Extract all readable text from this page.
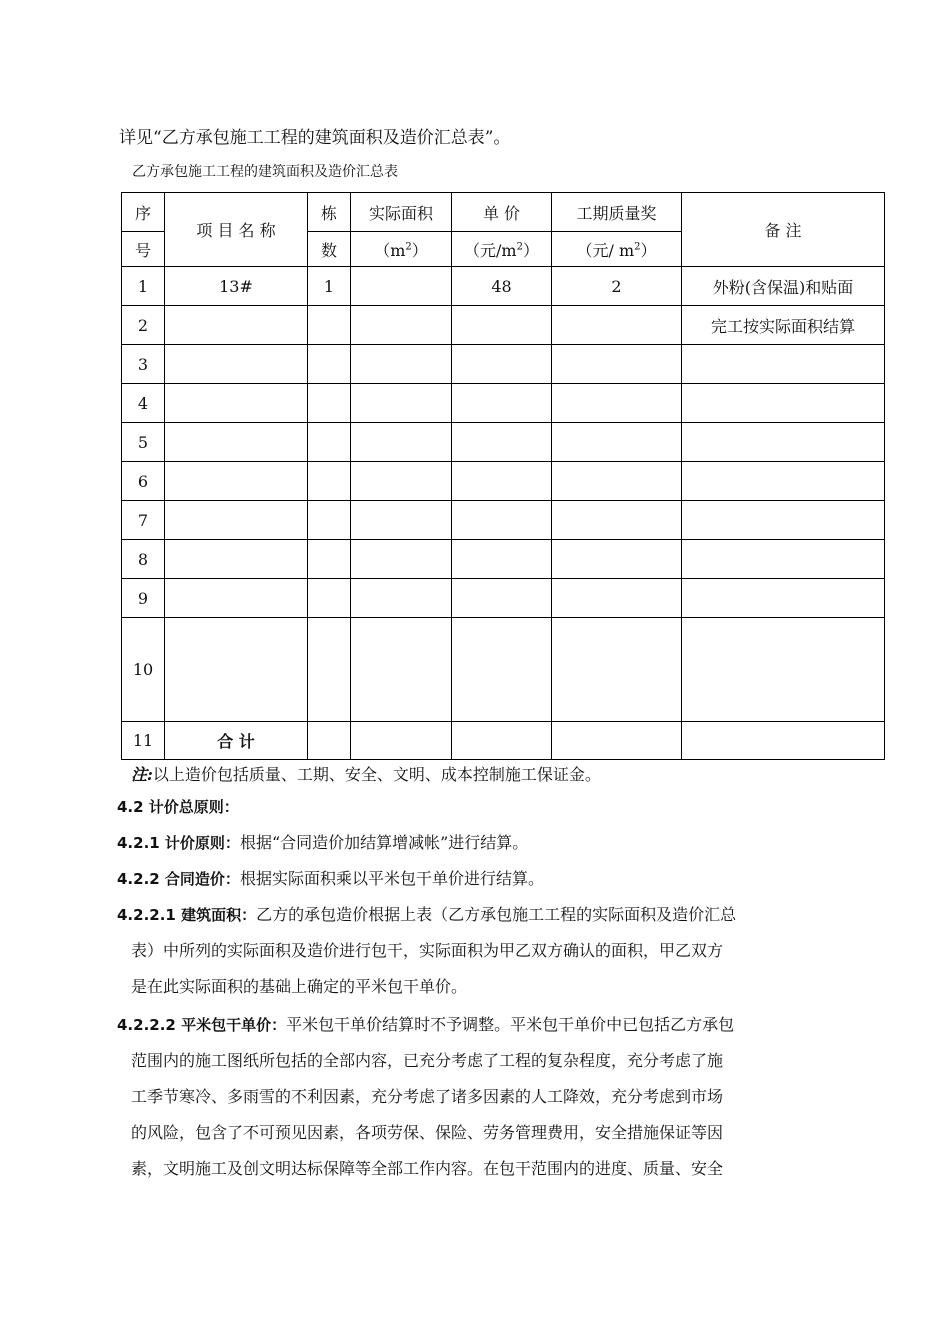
详见“乙方承包施工工程的建筑面积及造价汇总表”。
乙方承包施工工程的建筑面积及造价汇总表
序	项 目 名 称	栋	实际面积	单 价	工期质量奖	备 注
号		数	$(m^2)$	（元$/m^2$）	（元/ $m^2$）	
1	13#	1		48	2	外粉(含保温)和贴面
2						完工按实际面积结算
3						
4						
5						
6						
7						
8						
9						
10						
11	合 计					
注:以上造价包括质量、工期、安全、文明、成本控制施工保证金。
4.2 计价总原则：
4.2.1 计价原则：根据“合同造价加结算增减帐”进行结算。
4.2.2 合同造价：根据实际面积乘以平米包干单价进行结算。
4.2.2.1 建筑面积：乙方的承包造价根据上表（乙方承包施工工程的实际面积及造价汇总
表）中所列的实际面积及造价进行包干，实际面积为甲乙双方确认的面积，甲乙双方
是在此实际面积的基础上确定的平米包干单价。
4.2.2.2 平米包干单价：平米包干单价结算时不予调整。平米包干单价中已包括乙方承包
范围内的施工图纸所包括的全部内容，已充分考虑了工程的复杂程度，充分考虑了施
工季节寒冷、多雨雪的不利因素，充分考虑了诸多因素的人工降效，充分考虑到市场
的风险，包含了不可预见因素，各项劳保、保险、劳务管理费用，安全措施保证等因
素，文明施工及创文明达标保障等全部工作内容。在包干范围内的进度、质量、安全
